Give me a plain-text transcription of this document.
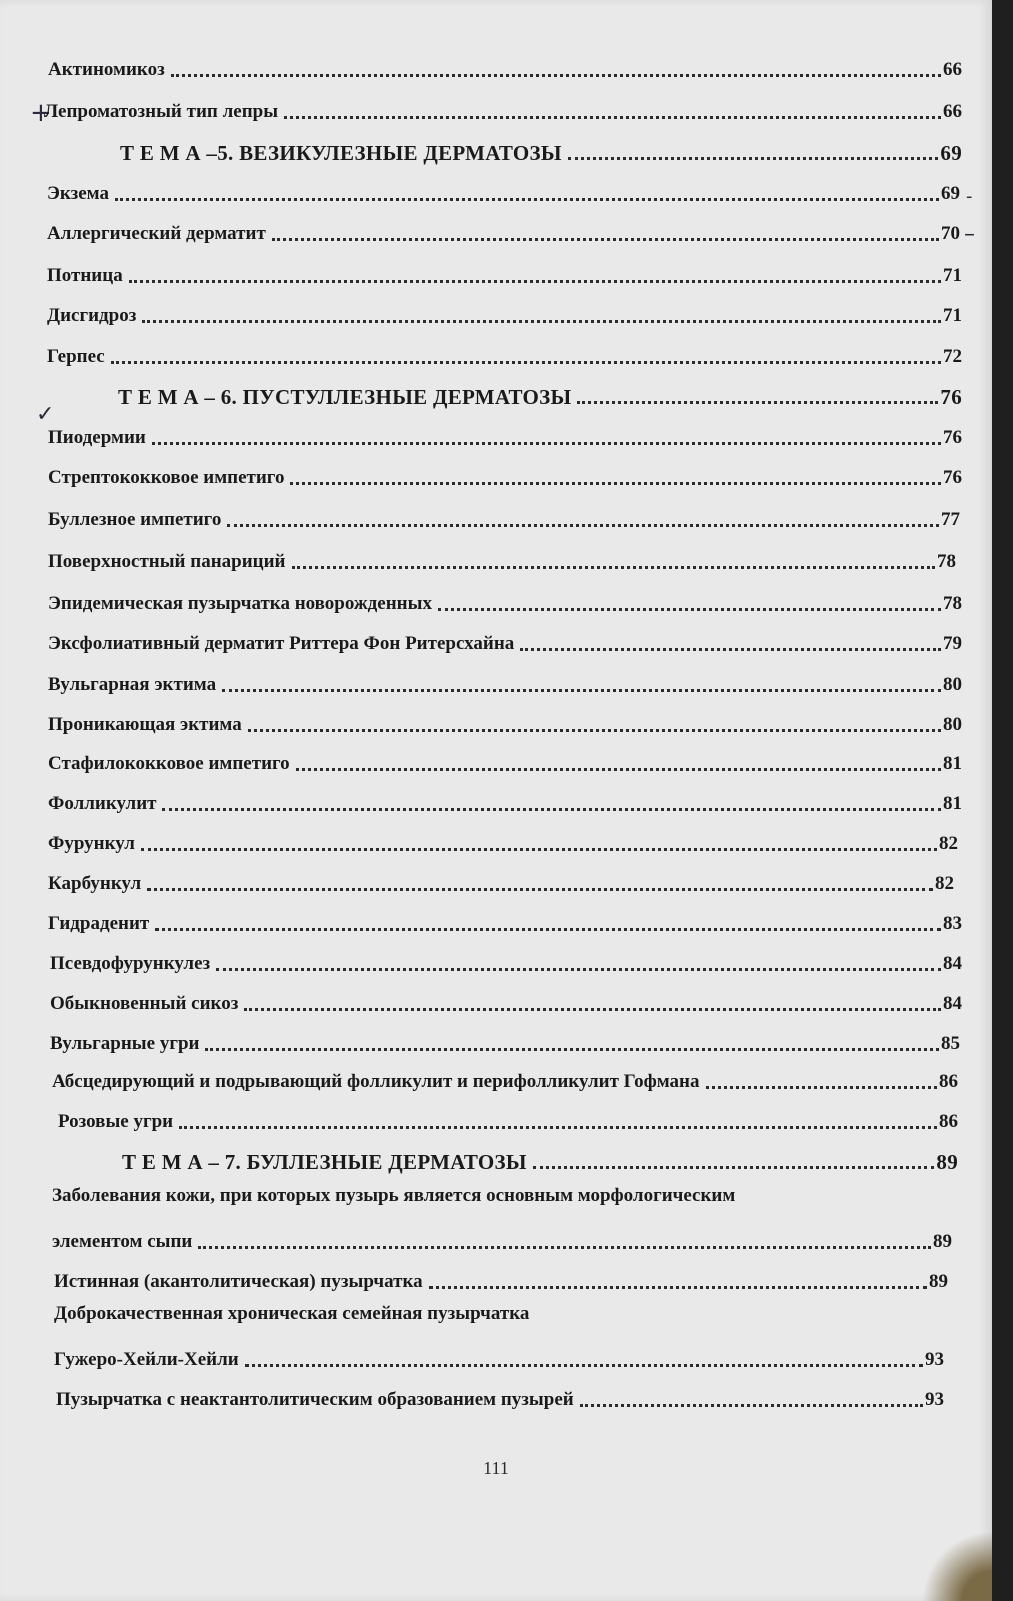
Актиномикоз	66
+
Лепроматозный тип лепры	66
Т Е М А –5. ВЕЗИКУЛЕЗНЫЕ ДЕРМАТОЗЫ	69
Экзема	69 -
Аллергический дерматит	70 –
Потница	71
Дисгидроз	71
Герпес	72
Т Е М А – 6. ПУСТУЛЛЕЗНЫЕ ДЕРМАТОЗЫ	76
✓
Пиодермии	76
Стрептококковое импетиго	76
Буллезное импетиго	77
Поверхностный панариций	78
Эпидемическая пузырчатка новорожденных	78
Эксфолиативный дерматит Риттера Фон Ритерсхайна	79
Вульгарная эктима	80
Проникающая эктима	80
Стафилококковое импетиго	81
Фолликулит	81
Фурункул	82
Карбункул	82
Гидраденит	83
Псевдофурункулез	84
Обыкновенный сикоз	84
Вульгарные угри	85
Абсцедирующий и подрывающий фолликулит и перифолликулит Гофмана	86
Розовые угри	86
Т Е М А – 7. БУЛЛЕЗНЫЕ ДЕРМАТОЗЫ	89
Заболевания кожи, при которых пузырь является основным морфологическим
элементом сыпи	89
Истинная (акантолитическая) пузырчатка	89
Доброкачественная хроническая семейная пузырчатка
Гужеро-Хейли-Хейли	93
Пузырчатка с неактантолитическим образованием пузырей	93
111
